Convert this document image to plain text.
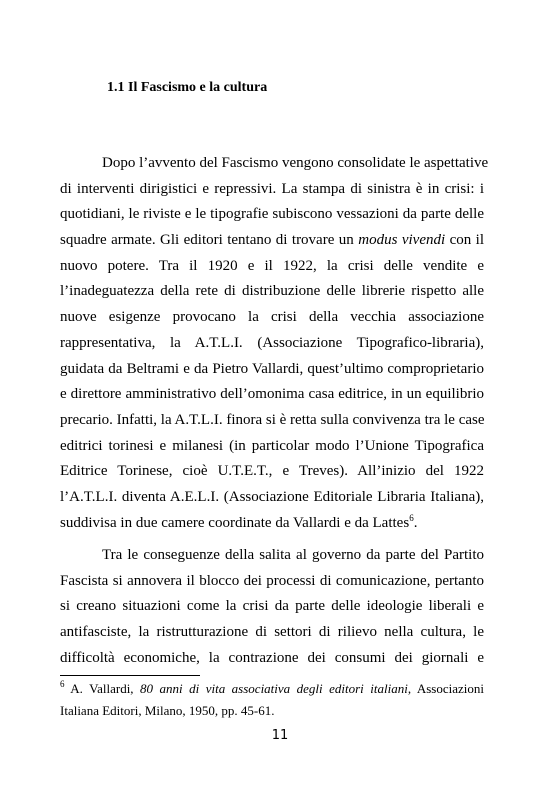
1.1 Il Fascismo e la cultura
Dopo l’avvento del Fascismo vengono consolidate le aspettative
di interventi dirigistici e repressivi. La stampa di sinistra è in crisi: i
quotidiani, le riviste e le tipografie subiscono vessazioni da parte delle
squadre armate. Gli editori tentano di trovare un modus vivendi con il
nuovo potere. Tra il 1920 e il 1922, la crisi delle vendite e
l’inadeguatezza della rete di distribuzione delle librerie rispetto alle
nuove esigenze provocano la crisi della vecchia associazione
rappresentativa, la A.T.L.I. (Associazione Tipografico-libraria),
guidata da Beltrami e da Pietro Vallardi, quest’ultimo comproprietario
e direttore amministrativo dell’omonima casa editrice, in un equilibrio
precario. Infatti, la A.T.L.I. finora si è retta sulla convivenza tra le case
editrici torinesi e milanesi (in particolar modo l’Unione Tipografica
Editrice Torinese, cioè U.T.E.T., e Treves). All’inizio del 1922
l’A.T.L.I. diventa A.E.L.I. (Associazione Editoriale Libraria Italiana),
suddivisa in due camere coordinate da Vallardi e da Lattes$^6$.
Tra le conseguenze della salita al governo da parte del Partito
Fascista si annovera il blocco dei processi di comunicazione, pertanto
si creano situazioni come la crisi da parte delle ideologie liberali e
antifasciste, la ristrutturazione di settori di rilievo nella cultura, le
difficoltà economiche, la contrazione dei consumi dei giornali e
$^6$ A. Vallardi, 80 anni di vita associativa degli editori italiani, Associazioni
Italiana Editori, Milano, 1950, pp. 45-61.
11
